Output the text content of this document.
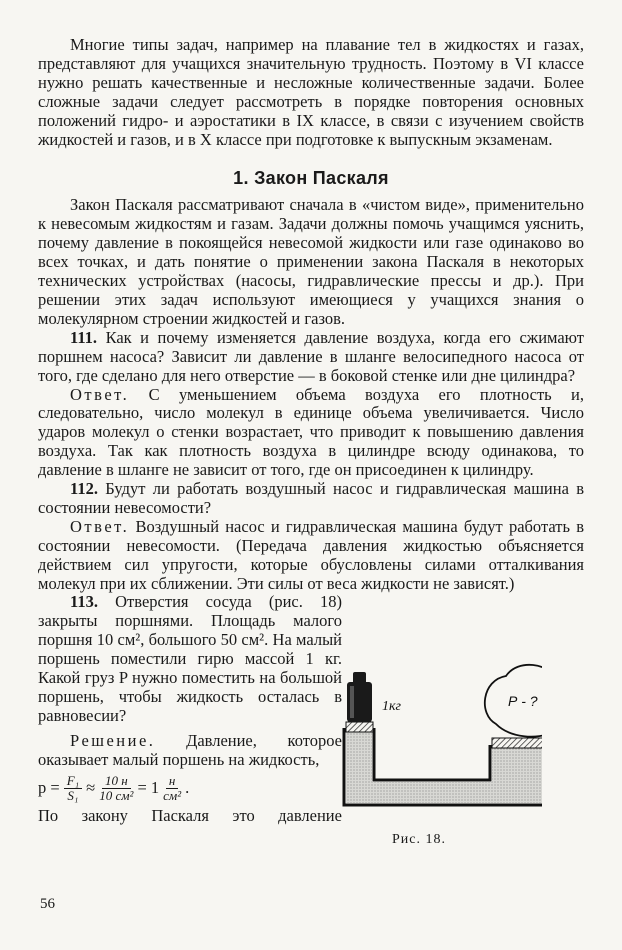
Многие типы задач, например на плавание тел в жидкостях и газах, представляют для учащихся значительную трудность. Поэтому в VI классе нужно решать качественные и несложные количественные задачи. Более сложные задачи следует рассмотреть в порядке повторения основных положений гидро- и аэростатики в IX классе, в связи с изучением свойств жидкостей и газов, и в X классе при подготовке к выпускным экзаменам.

1. Закон Паскаля

Закон Паскаля рассматривают сначала в «чистом виде», применительно к невесомым жидкостям и газам. Задачи должны помочь учащимся уяснить, почему давление в покоящейся невесомой жидкости или газе одинаково во всех точках, и дать понятие о применении закона Паскаля в некоторых технических устройствах (насосы, гидравлические прессы и др.). При решении этих задач используют имеющиеся у учащихся знания о молекулярном строении жидкостей и газов.

111. Как и почему изменяется давление воздуха, когда его сжимают поршнем насоса? Зависит ли давление в шланге велосипедного насоса от того, где сделано для него отверстие — в боковой стенке или дне цилиндра?

Ответ. С уменьшением объема воздуха его плотность и, следовательно, число молекул в единице объема увеличивается. Число ударов молекул о стенки возрастает, что приводит к повышению давления воздуха. Так как плотность воздуха в цилиндре всюду одинакова, то давление в шланге не зависит от того, где он присоединен к цилиндру.

112. Будут ли работать воздушный насос и гидравлическая машина в состоянии невесомости?

Ответ. Воздушный насос и гидравлическая машина будут работать в состоянии невесомости. (Передача давления жидкостью объясняется действием сил упругости, которые обусловлены силами отталкивания молекул при их сближении. Эти силы от веса жидкости не зависят.)

113. Отверстия сосуда (рис. 18) закрыты поршнями. Площадь малого поршня 10 см², большого 50 см². На малый поршень поместили гирю массой 1 кг. Какой груз P нужно поместить на большой поршень, чтобы жидкость осталась в равновесии?

Решение. Давление, которое оказывает малый поршень на жидкость,

$p = \frac{\text{F₁}}{\text{S₁}} \approx \frac{10 н}{\text{10 см²}} = 1 \frac{н}{\text{см²}}$ .
По закону Паскаля это давление
1кг	Р - ?
Рис. 18.
56
